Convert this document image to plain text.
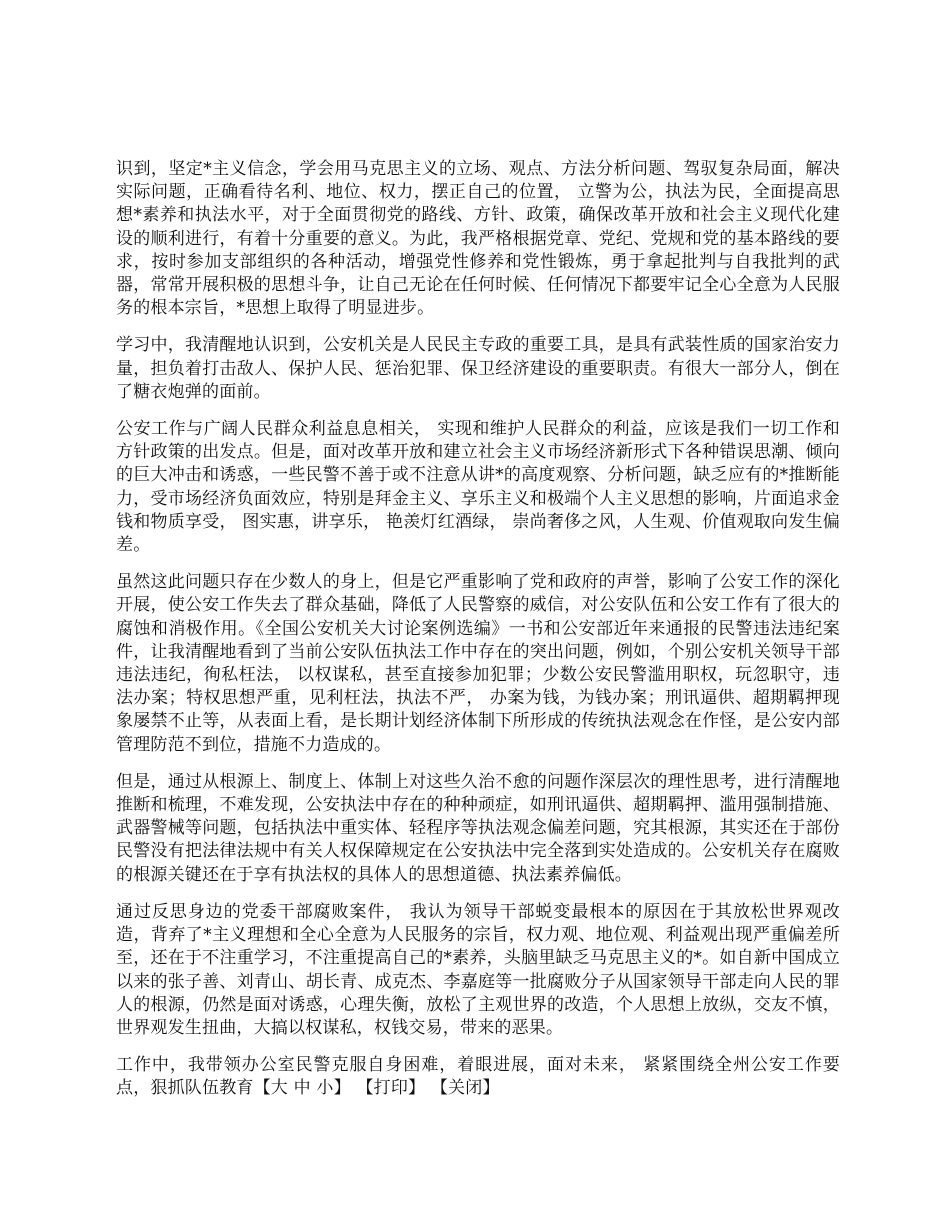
识到，坚定*主义信念，学会用马克思主义的立场、观点、方法分析问题、驾驭复杂局面，解决实际问题，正确看待名利、地位、权力，摆正自己的位置， 立警为公，执法为民，全面提高思想*素养和执法水平，对于全面贯彻党的路线、方针、政策，确保改革开放和社会主义现代化建设的顺利进行，有着十分重要的意义。为此，我严格根据党章、党纪、党规和党的基本路线的要求，按时参加支部组织的各种活动，增强党性修养和党性锻炼，勇于拿起批判与自我批判的武器，常常开展积极的思想斗争，让自己无论在任何时候、任何情况下都要牢记全心全意为人民服务的根本宗旨，*思想上取得了明显进步。

学习中，我清醒地认识到，公安机关是人民民主专政的重要工具，是具有武装性质的国家治安力量，担负着打击敌人、保护人民、惩治犯罪、保卫经济建设的重要职责。有很大一部分人，倒在了糖衣炮弹的面前。

公安工作与广阔人民群众利益息息相关， 实现和维护人民群众的利益，应该是我们一切工作和方针政策的出发点。但是，面对改革开放和建立社会主义市场经济新形式下各种错误思潮、倾向的巨大冲击和诱惑，一些民警不善于或不注意从讲*的高度观察、分析问题，缺乏应有的*推断能力，受市场经济负面效应，特别是拜金主义、享乐主义和极端个人主义思想的影响，片面追求金钱和物质享受， 图实惠，讲享乐， 艳羡灯红酒绿， 崇尚奢侈之风，人生观、价值观取向发生偏差。

虽然这此问题只存在少数人的身上，但是它严重影响了党和政府的声誉，影响了公安工作的深化开展，使公安工作失去了群众基础，降低了人民警察的威信，对公安队伍和公安工作有了很大的腐蚀和消极作用。《全国公安机关大讨论案例选编》一书和公安部近年来通报的民警违法违纪案件，让我清醒地看到了当前公安队伍执法工作中存在的突出问题，例如，个别公安机关领导干部违法违纪，徇私枉法， 以权谋私，甚至直接参加犯罪；少数公安民警滥用职权，玩忽职守，违法办案；特权思想严重，见利枉法，执法不严， 办案为钱，为钱办案；刑讯逼供、超期羁押现象屡禁不止等，从表面上看，是长期计划经济体制下所形成的传统执法观念在作怪，是公安内部管理防范不到位，措施不力造成的。

但是，通过从根源上、制度上、体制上对这些久治不愈的问题作深层次的理性思考，进行清醒地推断和梳理，不难发现，公安执法中存在的种种顽症，如刑讯逼供、超期羁押、滥用强制措施、武器警械等问题，包括执法中重实体、轻程序等执法观念偏差问题，究其根源，其实还在于部份民警没有把法律法规中有关人权保障规定在公安执法中完全落到实处造成的。公安机关存在腐败的根源关键还在于享有执法权的具体人的思想道德、执法素养偏低。

通过反思身边的党委干部腐败案件， 我认为领导干部蜕变最根本的原因在于其放松世界观改造，背弃了*主义理想和全心全意为人民服务的宗旨，权力观、地位观、利益观出现严重偏差所至，还在于不注重学习，不注重提高自己的*素养，头脑里缺乏马克思主义的*。如自新中国成立以来的张子善、刘青山、胡长青、成克杰、李嘉庭等一批腐败分子从国家领导干部走向人民的罪人的根源，仍然是面对诱惑，心理失衡，放松了主观世界的改造，个人思想上放纵，交友不慎，世界观发生扭曲，大搞以权谋私，权钱交易，带来的恶果。

工作中，我带领办公室民警克服自身困难，着眼进展，面对未来， 紧紧围绕全州公安工作要点，狠抓队伍教育【大 中 小】 【打印】 【关闭】
